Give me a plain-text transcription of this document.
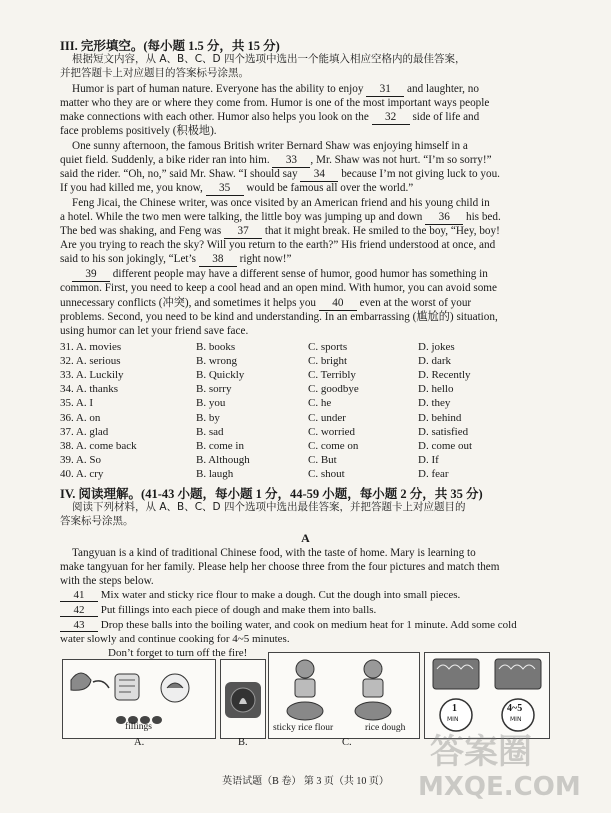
III. 完形填空。(每小题 1.5 分，共 15 分)
根据短文内容，从 A、B、C、D 四个选项中选出一个能填入相应空格内的最佳答案，
并把答题卡上对应题目的答案标号涂黑。
Humor is part of human nature. Everyone has the ability to enjoy 31 and laughter, no
matter who they are or where they come from. Humor is one of the most important ways people
make connections with each other. Humor also helps you look on the 32 side of life and
face problems positively (积极地).
One sunny afternoon, the famous British writer Bernard Shaw was enjoying himself in a
quiet field. Suddenly, a bike rider ran into him. 33 , Mr. Shaw was not hurt. “I’m so sorry!”
said the rider. “Oh, no,” said Mr. Shaw. “I should say 34 because I’m not giving luck to you.
If you had killed me, you know, 35 would be famous all over the world.”
Feng Jicai, the Chinese writer, was once visited by an American friend and his young child in
a hotel. While the two men were talking, the little boy was jumping up and down 36 his bed.
The bed was shaking, and Feng was 37 that it might break. He smiled to the boy, “Hey, boy!
Are you trying to reach the sky? Will you return to the earth?” His friend understood at once, and
said to his son jokingly, “Let’s 38 right now!”
39 different people may have a different sense of humor, good humor has something in
common. First, you need to keep a cool head and an open mind. With humor, you can avoid some
unnecessary conflicts (冲突), and sometimes it helps you 40 even at the worst of your
problems. Second, you need to be kind and understanding. In an embarrassing (尴尬的) situation,
using humor can let your friend save face.
31. A. movies	B. books	C. sports	D. jokes
32. A. serious	B. wrong	C. bright	D. dark
33. A. Luckily	B. Quickly	C. Terribly	D. Recently
34. A. thanks	B. sorry	C. goodbye	D. hello
35. A. I	B. you	C. he	D. they
36. A. on	B. by	C. under	D. behind
37. A. glad	B. sad	C. worried	D. satisfied
38. A. come back	B. come in	C. come on	D. come out
39. A. So	B. Although	C. But	D. If
40. A. cry	B. laugh	C. shout	D. fear
IV. 阅读理解。(41-43 小题，每小题 1 分，44-59 小题，每小题 2 分，共 35 分)
阅读下列材料，从 A、B、C、D 四个选项中选出最佳答案，并把答题卡上对应题目的
答案标号涂黑。
A
Tangyuan is a kind of traditional Chinese food, with the taste of home. Mary is learning to
make tangyuan for her family. Please help her choose three from the four pictures and match them
with the steps below.
41 Mix water and sticky rice flour to make a dough. Cut the dough into small pieces.
42 Put fillings into each piece of dough and make them into balls.
43 Drop these balls into the boiling water, and cook on medium heat for 1 minute. Add some cold
water slowly and continue cooking for 4~5 minutes.
Don’t forget to turn off the fire!
fillings
A.	B.
sticky rice flour	rice dough
C.
1
MIN
4~5
MIN
英语试题（B 卷） 第 3 页（共 10 页）
答案圈
MXQE.COM
